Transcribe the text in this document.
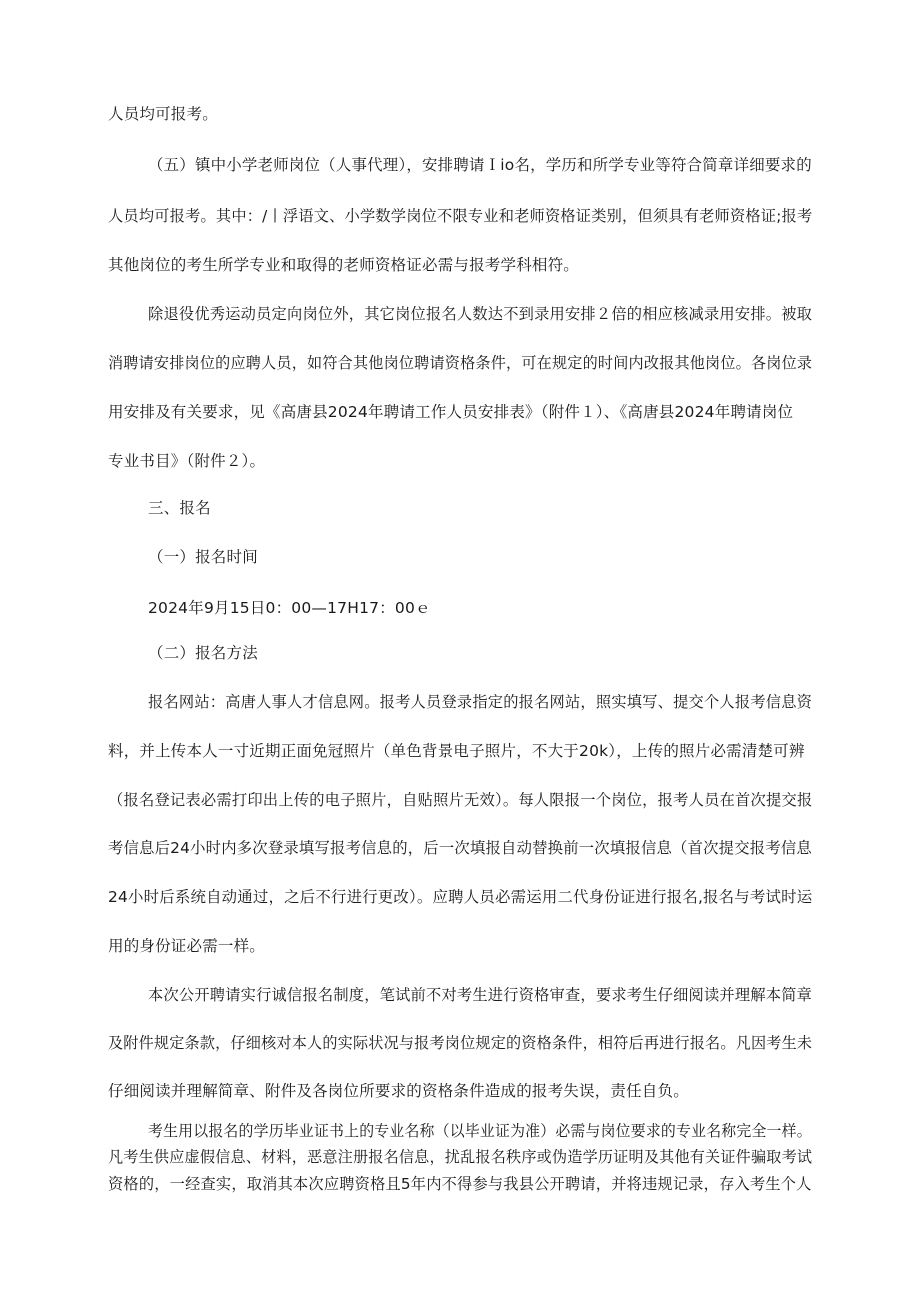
人员均可报考。
（五）镇中小学老师岗位（人事代理），安排聘请Ｉio名，学历和所学专业等符合简章详细要求的
人员均可报考。其中：/丨浮语文、小学数学岗位不限专业和老师资格证类别，但须具有老师资格证;报考
其他岗位的考生所学专业和取得的老师资格证必需与报考学科相符。
除退役优秀运动员定向岗位外，其它岗位报名人数达不到录用安排２倍的相应核减录用安排。被取
消聘请安排岗位的应聘人员，如符合其他岗位聘请资格条件，可在规定的时间内改报其他岗位。各岗位录
用安排及有关要求，见《高唐县2024年聘请工作人员安排表》（附件１）、《高唐县2024年聘请岗位
专业书目》（附件２）。
三、报名
（一）报名时间
2024年9月15日0：00—17H17：00ｅ
（二）报名方法
报名网站：高唐人事人才信息网。报考人员登录指定的报名网站，照实填写、提交个人报考信息资
料，并上传本人一寸近期正面免冠照片（单色背景电子照片，不大于20k），上传的照片必需清楚可辨
（报名登记表必需打印出上传的电子照片，自贴照片无效）。每人限报一个岗位，报考人员在首次提交报
考信息后24小时内多次登录填写报考信息的，后一次填报自动替换前一次填报信息（首次提交报考信息
24小时后系统自动通过，之后不行进行更改）。应聘人员必需运用二代身份证进行报名,报名与考试时运
用的身份证必需一样。
本次公开聘请实行诚信报名制度，笔试前不对考生进行资格审查，要求考生仔细阅读并理解本简章
及附件规定条款，仔细核对本人的实际状况与报考岗位规定的资格条件，相符后再进行报名。凡因考生未
仔细阅读并理解简章、附件及各岗位所要求的资格条件造成的报考失误，责任自负。
考生用以报名的学历毕业证书上的专业名称（以毕业证为准）必需与岗位要求的专业名称完全一样。
凡考生供应虚假信息、材料，恶意注册报名信息，扰乱报名秩序或伪造学历证明及其他有关证件骗取考试
资格的，一经查实，取消其本次应聘资格且5年内不得参与我县公开聘请，并将违规记录，存入考生个人
